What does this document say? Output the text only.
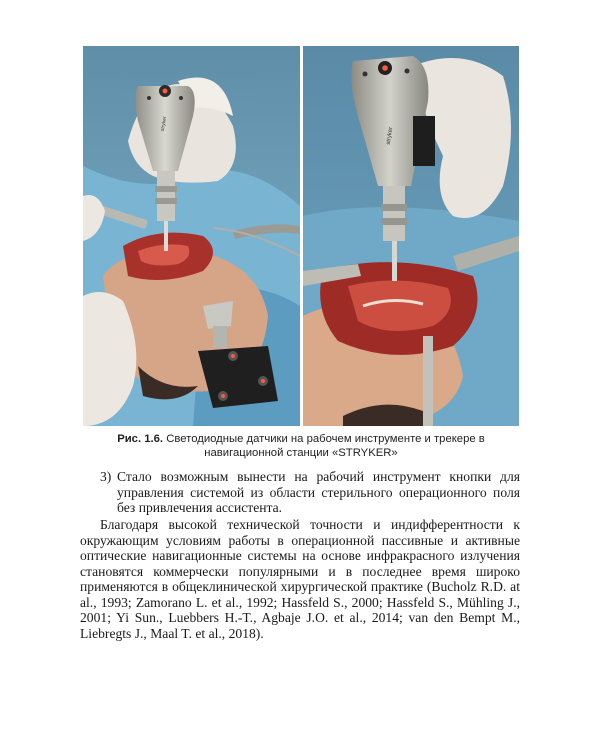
stryker
stryker
Рис. 1.6. Светодиодные датчики на рабочем инструменте и трекере в навигационной станции «STRYKER»
3) Стало возможным вынести на рабочий инструмент кнопки для управления системой из области стерильного операционного поля без привлечения ассистента.
Благодаря высокой технической точности и индифферентности к окружающим условиям работы в операционной пассивные и активные оптические навигационные системы на основе инфракрасного излучения становятся коммерчески популярными и в последнее время широко применяются в общеклинической хирургической практике (Bucholz R.D. at al., 1993; Zamorano L. et al., 1992; Hassfeld S., 2000; Hassfeld S., Mühling J., 2001; Yi Sun., Luebbers H.-T., Agbaje J.O. et al., 2014; van den Bempt M., Liebregts J., Maal T. et al., 2018).
